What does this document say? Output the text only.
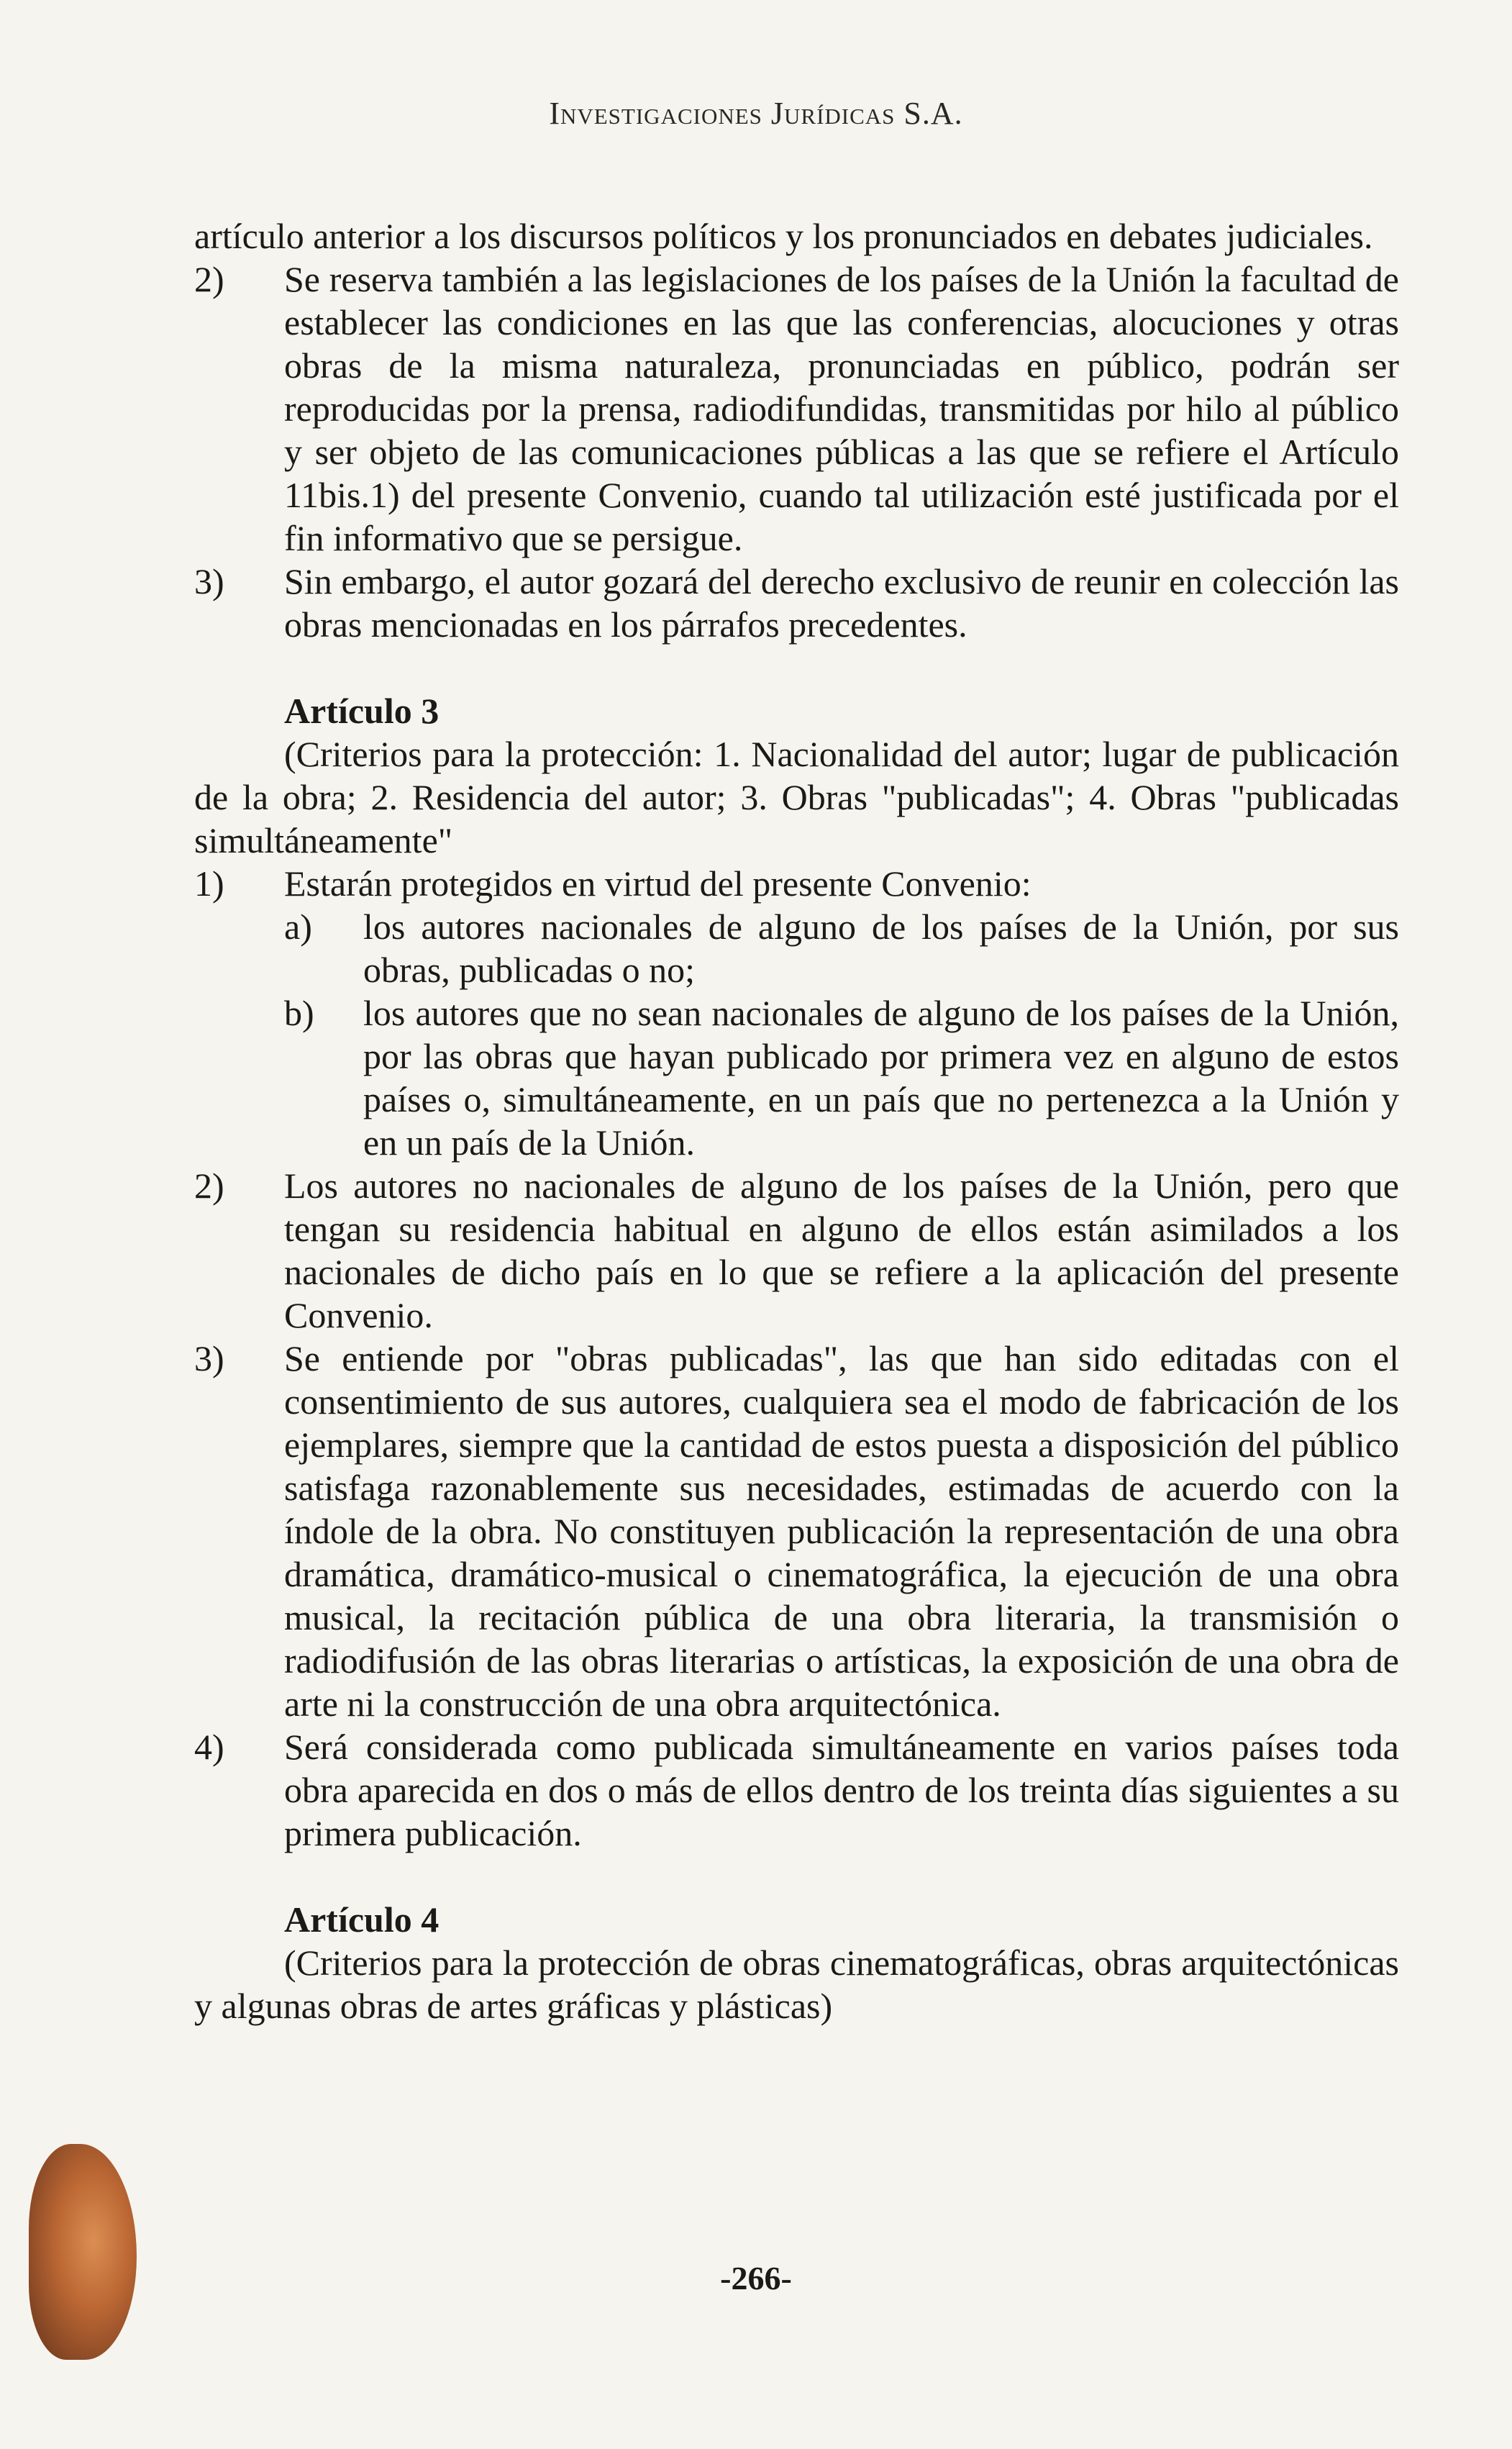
Investigaciones Jurídicas S.A.

artículo anterior a los discursos políticos y los pronunciados en debates judiciales.

2)	Se reserva también a las legislaciones de los países de la Unión la facultad de establecer las condiciones en las que las conferencias, alocuciones y otras obras de la misma naturaleza, pronunciadas en público, podrán ser reproducidas por la prensa, radiodifundidas, transmitidas por hilo al público y ser objeto de las comunicaciones públicas a las que se refiere el Artículo 11bis.1) del presente Convenio, cuando tal utilización esté justificada por el fin informativo que se persigue.
3)	Sin embargo, el autor gozará del derecho exclusivo de reunir en colección las obras mencionadas en los párrafos precedentes.

Artículo 3

(Criterios para la protección: 1. Nacionalidad del autor; lugar de publicación de la obra; 2. Residencia del autor; 3. Obras "publicadas"; 4. Obras "publicadas simultáneamente"

1)	Estarán protegidos en virtud del presente Convenio:
a) los autores nacionales de alguno de los países de la Unión, por sus obras, publicadas o no;
b) los autores que no sean nacionales de alguno de los países de la Unión, por las obras que hayan publicado por primera vez en alguno de estos países o, simultáneamente, en un país que no pertenezca a la Unión y en un país de la Unión.
2)	Los autores no nacionales de alguno de los países de la Unión, pero que tengan su residencia habitual en alguno de ellos están asimilados a los nacionales de dicho país en lo que se refiere a la aplicación del presente Convenio.
3)	Se entiende por "obras publicadas", las que han sido editadas con el consentimiento de sus autores, cualquiera sea el modo de fabricación de los ejemplares, siempre que la cantidad de estos puesta a disposición del público satisfaga razonablemente sus necesidades, estimadas de acuerdo con la índole de la obra. No constituyen publicación la representación de una obra dramática, dramático-musical o cinematográfica, la ejecución de una obra musical, la recitación pública de una obra literaria, la transmisión o radiodifusión de las obras literarias o artísticas, la exposición de una obra de arte ni la construcción de una obra arquitectónica.
4)	Será considerada como publicada simultáneamente en varios países toda obra aparecida en dos o más de ellos dentro de los treinta días siguientes a su primera publicación.

Artículo 4

(Criterios para la protección de obras cinematográficas, obras arquitectónicas y algunas obras de artes gráficas y plásticas)

-266-
